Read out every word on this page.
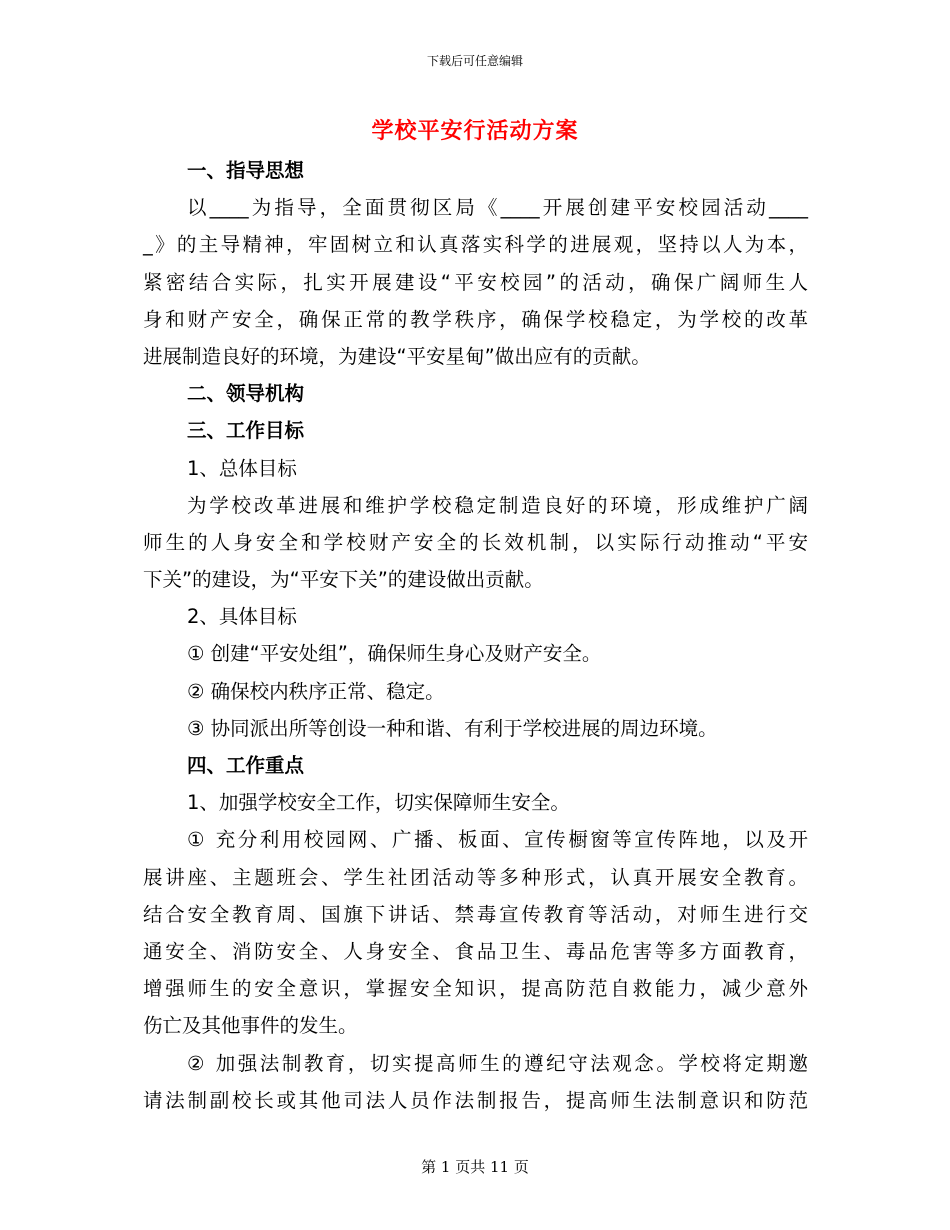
下载后可任意编辑
学校平安行活动方案
一、指导思想
以____为指导，全面贯彻区局《____开展创建平安校园活动____
_》的主导精神，牢固树立和认真落实科学的进展观，坚持以人为本，
紧密结合实际，扎实开展建设“平安校园”的活动，确保广阔师生人
身和财产安全，确保正常的教学秩序，确保学校稳定，为学校的改革
进展制造良好的环境，为建设“平安星甸”做出应有的贡献。
二、领导机构
三、工作目标
1、总体目标
为学校改革进展和维护学校稳定制造良好的环境，形成维护广阔
师生的人身安全和学校财产安全的长效机制，以实际行动推动“平安
下关”的建设，为“平安下关”的建设做出贡献。
2、具体目标
① 创建“平安处组”，确保师生身心及财产安全。
② 确保校内秩序正常、稳定。
③ 协同派出所等创设一种和谐、有利于学校进展的周边环境。
四、工作重点
1、加强学校安全工作，切实保障师生安全。
① 充分利用校园网、广播、板面、宣传橱窗等宣传阵地，以及开
展讲座、主题班会、学生社团活动等多种形式，认真开展安全教育。
结合安全教育周、国旗下讲话、禁毒宣传教育等活动，对师生进行交
通安全、消防安全、人身安全、食品卫生、毒品危害等多方面教育，
增强师生的安全意识，掌握安全知识，提高防范自救能力，减少意外
伤亡及其他事件的发生。
② 加强法制教育，切实提高师生的遵纪守法观念。学校将定期邀
请法制副校长或其他司法人员作法制报告，提高师生法制意识和防范
第 1 页共 11 页
